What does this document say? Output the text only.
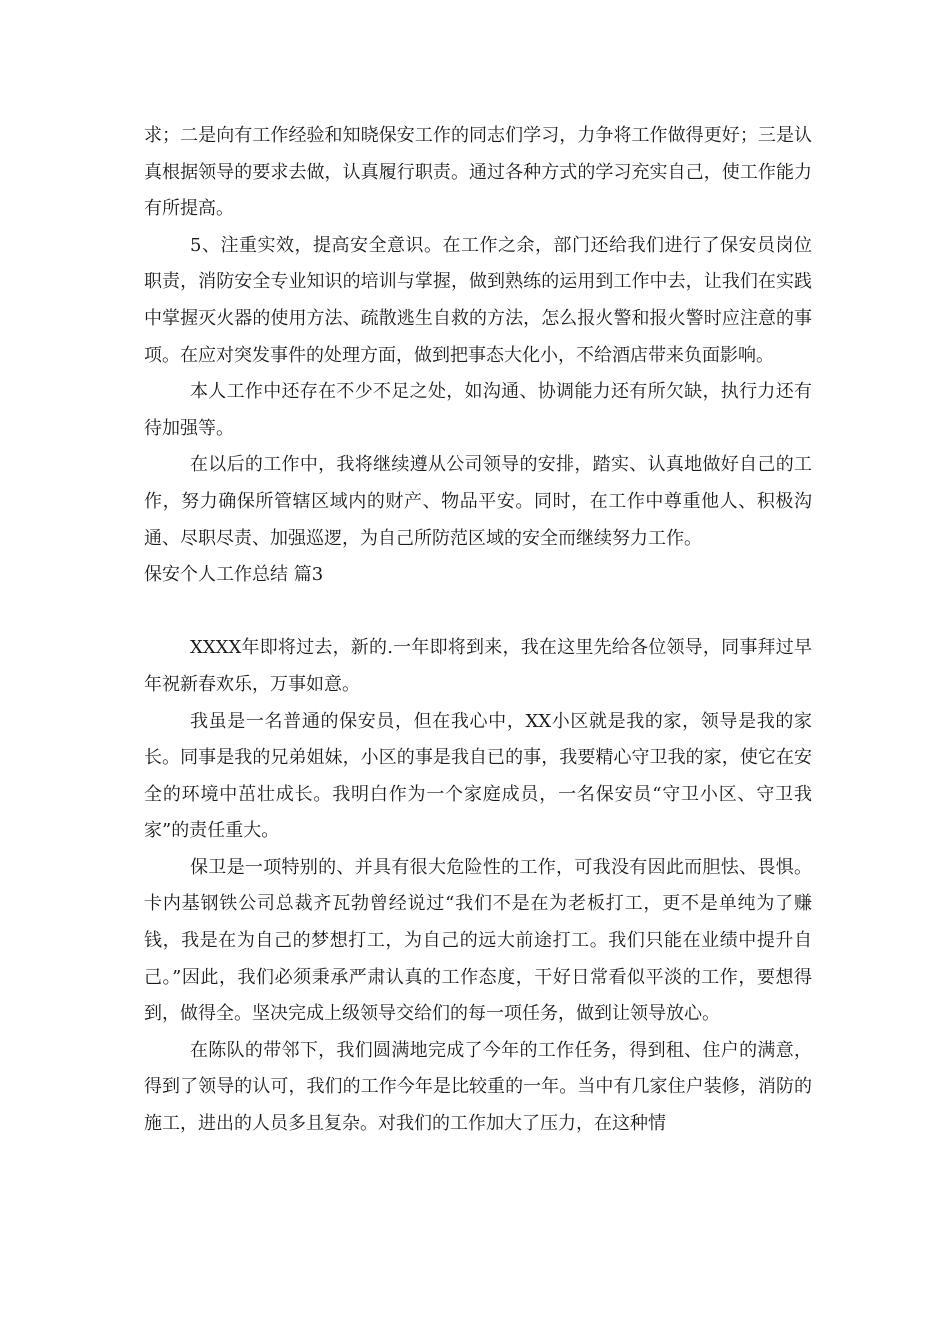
求；二是向有工作经验和知晓保安工作的同志们学习，力争将工作做得更好；三是认真根据领导的要求去做，认真履行职责。通过各种方式的学习充实自己，使工作能力有所提高。

5、注重实效，提高安全意识。在工作之余，部门还给我们进行了保安员岗位职责，消防安全专业知识的培训与掌握，做到熟练的运用到工作中去，让我们在实践中掌握灭火器的使用方法、疏散逃生自救的方法，怎么报火警和报火警时应注意的事项。在应对突发事件的处理方面，做到把事态大化小，不给酒店带来负面影响。

本人工作中还存在不少不足之处，如沟通、协调能力还有所欠缺，执行力还有待加强等。

在以后的工作中，我将继续遵从公司领导的安排，踏实、认真地做好自己的工作，努力确保所管辖区域内的财产、物品平安。同时，在工作中尊重他人、积极沟通、尽职尽责、加强巡逻，为自己所防范区域的安全而继续努力工作。

保安个人工作总结 篇3

XXXX年即将过去，新的.一年即将到来，我在这里先给各位领导，同事拜过早年祝新春欢乐，万事如意。

我虽是一名普通的保安员，但在我心中，XX小区就是我的家，领导是我的家长。同事是我的兄弟姐妹，小区的事是我自已的事，我要精心守卫我的家，使它在安全的环境中茁壮成长。我明白作为一个家庭成员，一名保安员“守卫小区、守卫我家”的责任重大。

保卫是一项特别的、并具有很大危险性的工作，可我没有因此而胆怯、畏惧。卡内基钢铁公司总裁齐瓦勃曾经说过“我们不是在为老板打工，更不是单纯为了赚钱，我是在为自己的梦想打工，为自己的远大前途打工。我们只能在业绩中提升自己。”因此，我们必须秉承严肃认真的工作态度，干好日常看似平淡的工作，要想得到，做得全。坚决完成上级领导交给们的每一项任务，做到让领导放心。

在陈队的带邻下，我们圆满地完成了今年的工作任务，得到租、住户的满意，得到了领导的认可，我们的工作今年是比较重的一年。当中有几家住户装修，消防的施工，进出的人员多且复杂。对我们的工作加大了压力，在这种情
